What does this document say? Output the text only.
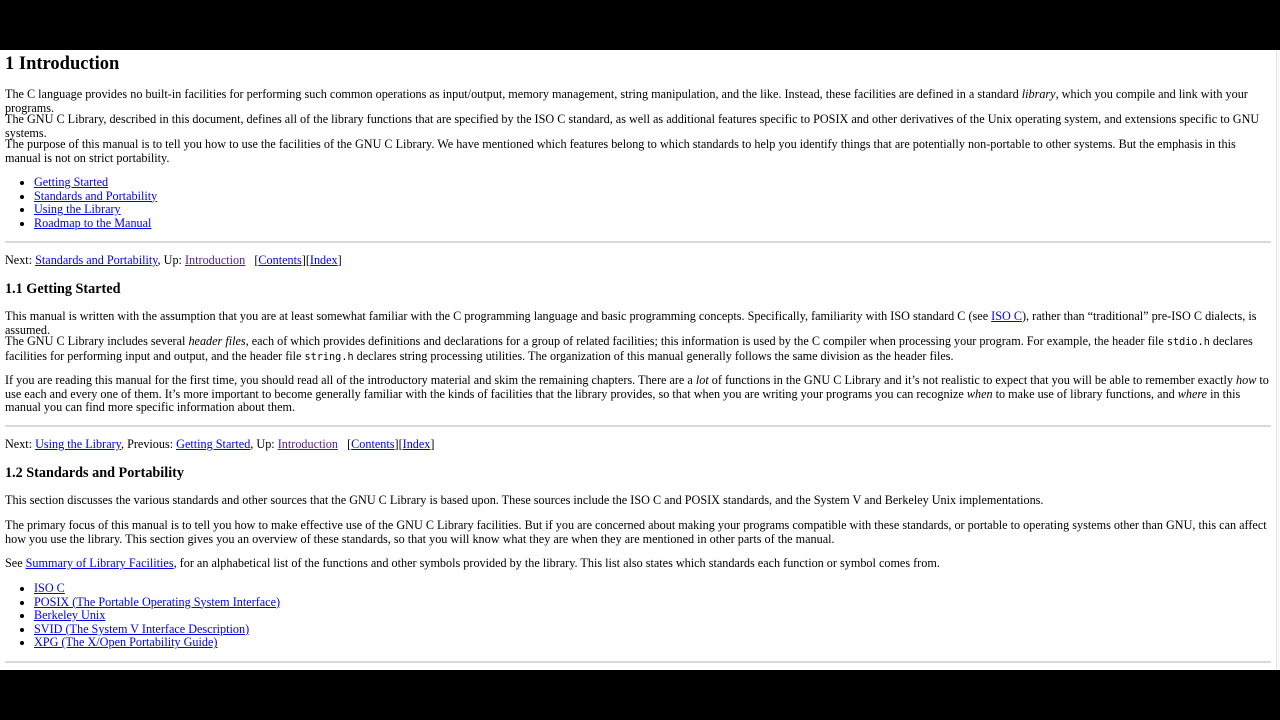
1 Introduction

The C language provides no built-in facilities for performing such common operations as input/output, memory management, string manipulation, and the like. Instead, these facilities are defined in a standard library, which you compile and link with your programs.

The GNU C Library, described in this document, defines all of the library functions that are specified by the ISO C standard, as well as additional features specific to POSIX and other derivatives of the Unix operating system, and extensions specific to GNU systems.

The purpose of this manual is to tell you how to use the facilities of the GNU C Library. We have mentioned which features belong to which standards to help you identify things that are potentially non-portable to other systems. But the emphasis in this manual is not on strict portability.

• Getting Started
• Standards and Portability
• Using the Library
• Roadmap to the Manual
Next: Standards and Portability, Up: Introduction   [Contents][Index]
1.1 Getting Started

This manual is written with the assumption that you are at least somewhat familiar with the C programming language and basic programming concepts. Specifically, familiarity with ISO standard C (see ISO C), rather than “traditional” pre-ISO C dialects, is assumed.

The GNU C Library includes several header files, each of which provides definitions and declarations for a group of related facilities; this information is used by the C compiler when processing your program. For example, the header file stdio.h declares facilities for performing input and output, and the header file string.h declares string processing utilities. The organization of this manual generally follows the same division as the header files.

If you are reading this manual for the first time, you should read all of the introductory material and skim the remaining chapters. There are a lot of functions in the GNU C Library and it’s not realistic to expect that you will be able to remember exactly how to use each and every one of them. It’s more important to become generally familiar with the kinds of facilities that the library provides, so that when you are writing your programs you can recognize when to make use of library functions, and where in this manual you can find more specific information about them.

Next: Using the Library, Previous: Getting Started, Up: Introduction   [Contents][Index]
1.2 Standards and Portability

This section discusses the various standards and other sources that the GNU C Library is based upon. These sources include the ISO C and POSIX standards, and the System V and Berkeley Unix implementations.

The primary focus of this manual is to tell you how to make effective use of the GNU C Library facilities. But if you are concerned about making your programs compatible with these standards, or portable to operating systems other than GNU, this can affect how you use the library. This section gives you an overview of these standards, so that you will know what they are when they are mentioned in other parts of the manual.

See Summary of Library Facilities, for an alphabetical list of the functions and other symbols provided by the library. This list also states which standards each function or symbol comes from.

• ISO C
• POSIX (The Portable Operating System Interface)
• Berkeley Unix
• SVID (The System V Interface Description)
• XPG (The X/Open Portability Guide)
